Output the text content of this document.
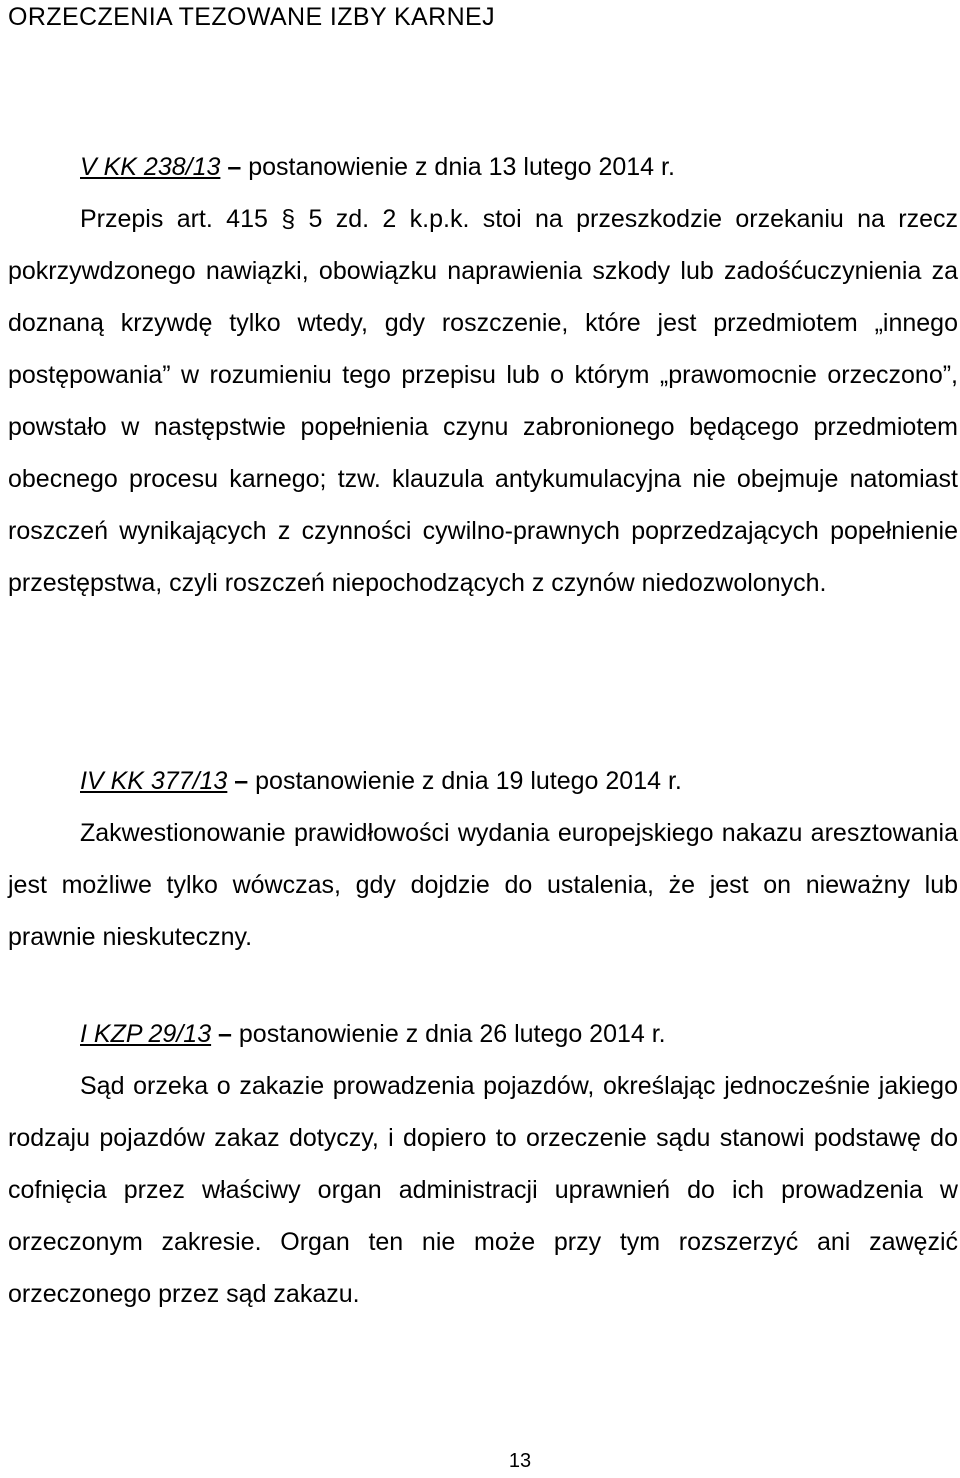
ORZECZENIA TEZOWANE IZBY KARNEJ

V KK 238/13 – postanowienie z dnia 13 lutego 2014 r.

Przepis art. 415 § 5 zd. 2 k.p.k. stoi na przeszkodzie orzekaniu na rzecz pokrzywdzonego nawiązki, obowiązku naprawienia szkody lub zadośćuczynienia za doznaną krzywdę tylko wtedy, gdy roszczenie, które jest przedmiotem „innego postępowania” w rozumieniu tego przepisu lub o którym „prawomocnie orzeczono”, powstało w następstwie popełnienia czynu zabronionego będącego przedmiotem obecnego procesu karnego; tzw. klauzula antykumulacyjna nie obejmuje natomiast roszczeń wynikających z czynności cywilno-prawnych poprzedzających popełnienie przestępstwa, czyli roszczeń niepochodzących z czynów niedozwolonych.

IV KK 377/13 – postanowienie z dnia 19 lutego 2014 r.

Zakwestionowanie prawidłowości wydania europejskiego nakazu aresztowania jest możliwe tylko wówczas, gdy dojdzie do ustalenia, że jest on nieważny lub prawnie nieskuteczny.

I KZP 29/13 – postanowienie z dnia 26 lutego 2014 r.

Sąd orzeka o zakazie prowadzenia pojazdów, określając jednocześnie jakiego rodzaju pojazdów zakaz dotyczy, i dopiero to orzeczenie sądu stanowi podstawę do cofnięcia przez właściwy organ administracji uprawnień do ich prowadzenia w orzeczonym zakresie. Organ ten nie może przy tym rozszerzyć ani zawęzić orzeczonego przez sąd zakazu.

13
